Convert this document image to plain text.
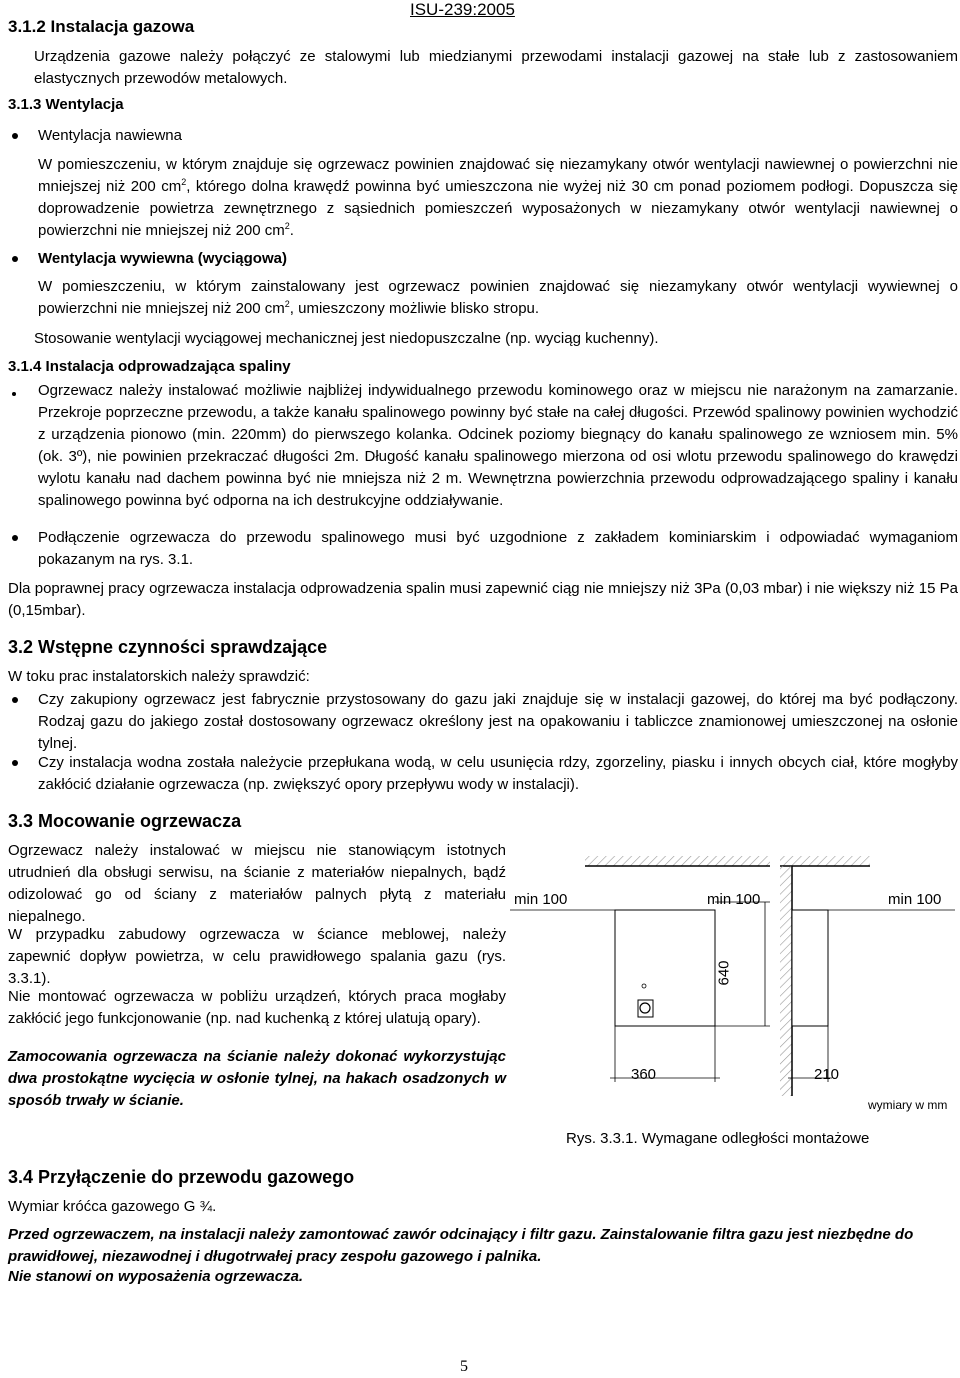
3.1.2 Instalacja gazowa
ISU-239:2005
Urządzenia gazowe należy połączyć ze stalowymi lub miedzianymi przewodami instalacji gazowej na stałe lub z zastosowaniem elastycznych przewodów metalowych.
3.1.3 Wentylacja
Wentylacja nawiewna
W pomieszczeniu, w którym znajduje się ogrzewacz powinien znajdować się niezamykany otwór wentylacji nawiewnej o powierzchni nie mniejszej niż 200 $cm^2$, którego dolna krawędź powinna być umieszczona nie wyżej niż 30 cm ponad poziomem podłogi. Dopuszcza się doprowadzenie powietrza zewnętrznego z sąsiednich pomieszczeń wyposażonych w niezamykany otwór wentylacji nawiewnej o powierzchni nie mniejszej niż 200 $cm^2$.
Wentylacja wywiewna (wyciągowa)
W pomieszczeniu, w którym zainstalowany jest ogrzewacz powinien znajdować się niezamykany otwór wentylacji wywiewnej o powierzchni nie mniejszej niż 200 $cm^2$, umieszczony możliwie blisko stropu.
Stosowanie wentylacji wyciągowej mechanicznej jest niedopuszczalne (np. wyciąg kuchenny).
3.1.4 Instalacja odprowadzająca spaliny
Ogrzewacz należy instalować możliwie najbliżej indywidualnego przewodu kominowego oraz w miejscu nie narażonym na zamarzanie. Przekroje poprzeczne przewodu, a także kanału spalinowego powinny być stałe na całej długości. Przewód spalinowy powinien wychodzić z urządzenia pionowo (min. 220mm) do pierwszego kolanka. Odcinek poziomy biegnący do kanału spalinowego ze wzniosem min. 5% (ok. 3º), nie powinien przekraczać długości 2m. Długość kanału spalinowego mierzona od osi wlotu przewodu spalinowego do krawędzi wylotu kanału nad dachem powinna być nie mniejsza niż 2 m. Wewnętrzna powierzchnia przewodu odprowadzającego spaliny i kanału spalinowego powinna być odporna na ich destrukcyjne oddziaływanie.
Podłączenie ogrzewacza do przewodu spalinowego musi być uzgodnione z zakładem kominiarskim i odpowiadać wymaganiom pokazanym na rys. 3.1.
Dla poprawnej pracy ogrzewacza instalacja odprowadzenia spalin musi zapewnić ciąg nie mniejszy niż 3Pa (0,03 mbar) i nie większy niż 15 Pa (0,15mbar).
3.2 Wstępne czynności sprawdzające
W toku prac instalatorskich należy sprawdzić:
Czy zakupiony ogrzewacz jest fabrycznie przystosowany do gazu jaki znajduje się w instalacji gazowej, do której ma być podłączony. Rodzaj gazu do jakiego został dostosowany ogrzewacz określony jest na opakowaniu i tabliczce znamionowej umieszczonej na osłonie tylnej.
Czy instalacja wodna została należycie przepłukana wodą, w celu usunięcia rdzy, zgorzeliny, piasku i innych obcych ciał, które mogłyby zakłócić działanie ogrzewacza (np. zwiększyć opory przepływu wody w instalacji).
3.3 Mocowanie ogrzewacza
Ogrzewacz należy instalować w miejscu nie stanowiącym istotnych utrudnień dla obsługi serwisu, na ścianie z materiałów niepalnych, bądź odizolować go od ściany z materiałów palnych płytą z materiału niepalnego.
W przypadku zabudowy ogrzewacza w ściance meblowej, należy zapewnić dopływ powietrza, w celu prawidłowego spalania gazu (rys. 3.3.1).
Nie montować ogrzewacza w pobliżu urządzeń, których praca mogłaby zakłócić jego funkcjonowanie (np. nad kuchenką z której ulatują opary).
Zamocowania ogrzewacza na ścianie należy dokonać wykorzystując dwa prostokątne wycięcia w osłonie tylnej, na hakach osadzonych w sposób trwały w ścianie.
min 100	min 100	min 100
640
360	210
wymiary w mm
Rys. 3.3.1. Wymagane odległości montażowe
3.4 Przyłączenie do przewodu gazowego
Wymiar króćca gazowego G ¾.
Przed ogrzewaczem, na instalacji należy zamontować zawór odcinający i filtr gazu. Zainstalowanie filtra gazu jest niezbędne do prawidłowej, niezawodnej i długotrwałej pracy zespołu gazowego i palnika.
Nie stanowi on wyposażenia ogrzewacza.
5
